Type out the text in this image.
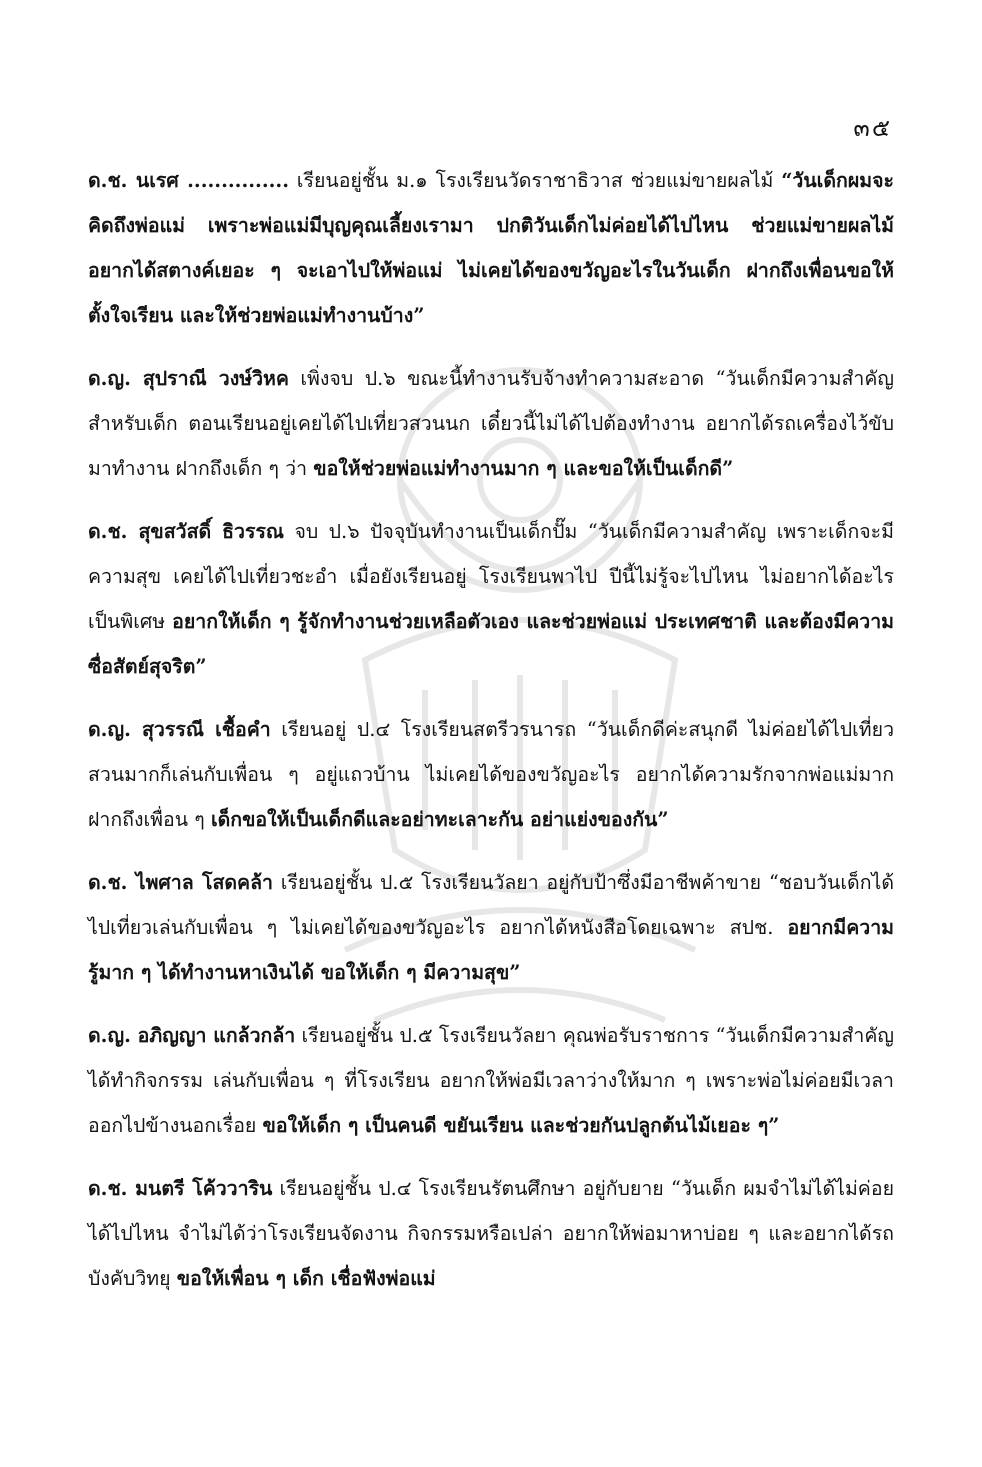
๓๕

ด.ช. นเรศ ............... เรียนอยู่ชั้น ม.๑ โรงเรียนวัดราชาธิวาส ช่วยแม่ขายผลไม้ “วันเด็กผมจะคิดถึงพ่อแม่ เพราะพ่อแม่มีบุญคุณเลี้ยงเรามา ปกติวันเด็กไม่ค่อยได้ไปไหน ช่วยแม่ขายผลไม้ อยากได้สตางค์เยอะ ๆ จะเอาไปให้พ่อแม่ ไม่เคยได้ของขวัญอะไรในวันเด็ก ฝากถึงเพื่อนขอให้ตั้งใจเรียน และให้ช่วยพ่อแม่ทำงานบ้าง”

ด.ญ. สุปราณี วงษ์วิหค เพิ่งจบ ป.๖ ขณะนี้ทำงานรับจ้างทำความสะอาด “วันเด็กมีความสำคัญสำหรับเด็ก ตอนเรียนอยู่เคยได้ไปเที่ยวสวนนก เดี๋ยวนี้ไม่ได้ไปต้องทำงาน อยากได้รถเครื่องไว้ขับมาทำงาน ฝากถึงเด็ก ๆ ว่า ขอให้ช่วยพ่อแม่ทำงานมาก ๆ และขอให้เป็นเด็กดี”

ด.ช. สุขสวัสดิ์ ธิวรรณ จบ ป.๖ ปัจจุบันทำงานเป็นเด็กปั๊ม “วันเด็กมีความสำคัญ เพราะเด็กจะมีความสุข เคยได้ไปเที่ยวชะอำ เมื่อยังเรียนอยู่ โรงเรียนพาไป ปีนี้ไม่รู้จะไปไหน ไม่อยากได้อะไรเป็นพิเศษ อยากให้เด็ก ๆ รู้จักทำงานช่วยเหลือตัวเอง และช่วยพ่อแม่ ประเทศชาติ และต้องมีความซื่อสัตย์สุจริต”

ด.ญ. สุวรรณี เชื้อคำ เรียนอยู่ ป.๔ โรงเรียนสตรีวรนารถ “วันเด็กดีค่ะสนุกดี ไม่ค่อยได้ไปเที่ยวสวนมากก็เล่นกับเพื่อน ๆ อยู่แถวบ้าน ไม่เคยได้ของขวัญอะไร อยากได้ความรักจากพ่อแม่มาก ฝากถึงเพื่อน ๆ เด็กขอให้เป็นเด็กดีและอย่าทะเลาะกัน อย่าแย่งของกัน”

ด.ช. ไพศาล โสดคล้า เรียนอยู่ชั้น ป.๕ โรงเรียนวัลยา อยู่กับป้าซึ่งมีอาชีพค้าขาย “ชอบวันเด็กได้ไปเที่ยวเล่นกับเพื่อน ๆ ไม่เคยได้ของขวัญอะไร อยากได้หนังสือโดยเฉพาะ สปช. อยากมีความรู้มาก ๆ ได้ทำงานหาเงินได้ ขอให้เด็ก ๆ มีความสุข”

ด.ญ. อภิญญา แกล้วกล้า เรียนอยู่ชั้น ป.๕ โรงเรียนวัลยา คุณพ่อรับราชการ “วันเด็กมีความสำคัญ ได้ทำกิจกรรม เล่นกับเพื่อน ๆ ที่โรงเรียน อยากให้พ่อมีเวลาว่างให้มาก ๆ เพราะพ่อไม่ค่อยมีเวลา ออกไปข้างนอกเรื่อย ขอให้เด็ก ๆ เป็นคนดี ขยันเรียน และช่วยกันปลูกต้นไม้เยอะ ๆ”

ด.ช. มนตรี โค้ววาริน เรียนอยู่ชั้น ป.๔ โรงเรียนรัตนศึกษา อยู่กับยาย “วันเด็ก ผมจำไม่ได้ไม่ค่อยได้ไปไหน จำไม่ได้ว่าโรงเรียนจัดงาน กิจกรรมหรือเปล่า อยากให้พ่อมาหาบ่อย ๆ และอยากได้รถบังคับวิทยุ ขอให้เพื่อน ๆ เด็ก เชื่อฟังพ่อแม่
